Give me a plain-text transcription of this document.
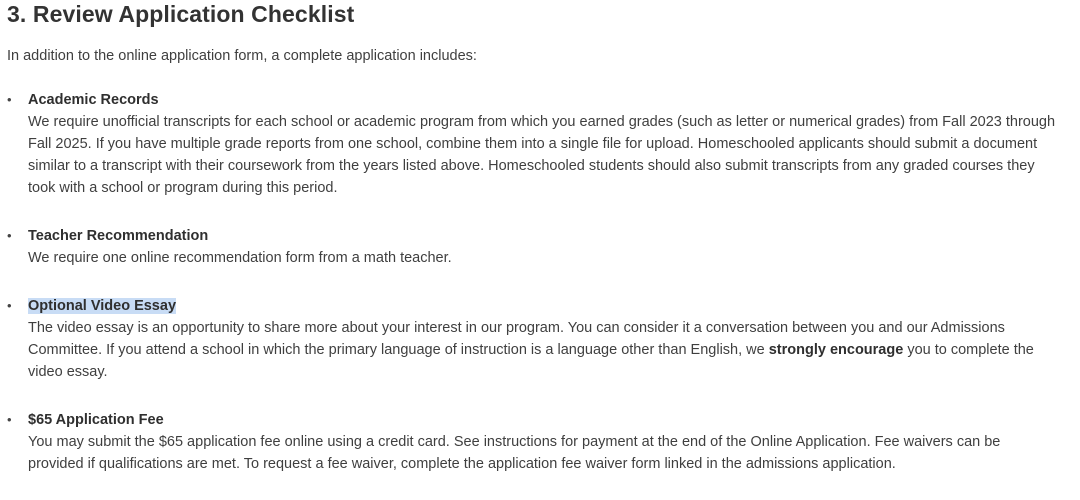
3. Review Application Checklist

In addition to the online application form, a complete application includes:

•	Academic Records
We require unofficial transcripts for each school or academic program from which you earned grades (such as letter or numerical grades) from Fall 2023 through Fall 2025. If you have multiple grade reports from one school, combine them into a single file for upload. Homeschooled applicants should submit a document similar to a transcript with their coursework from the years listed above. Homeschooled students should also submit transcripts from any graded courses they took with a school or program during this period.
•	Teacher Recommendation
We require one online recommendation form from a math teacher.
•	Optional Video Essay
The video essay is an opportunity to share more about your interest in our program. You can consider it a conversation between you and our Admissions Committee. If you attend a school in which the primary language of instruction is a language other than English, we strongly encourage you to complete the video essay.
•	$65 Application Fee
You may submit the $65 application fee online using a credit card. See instructions for payment at the end of the Online Application. Fee waivers can be provided if qualifications are met. To request a fee waiver, complete the application fee waiver form linked in the admissions application.
